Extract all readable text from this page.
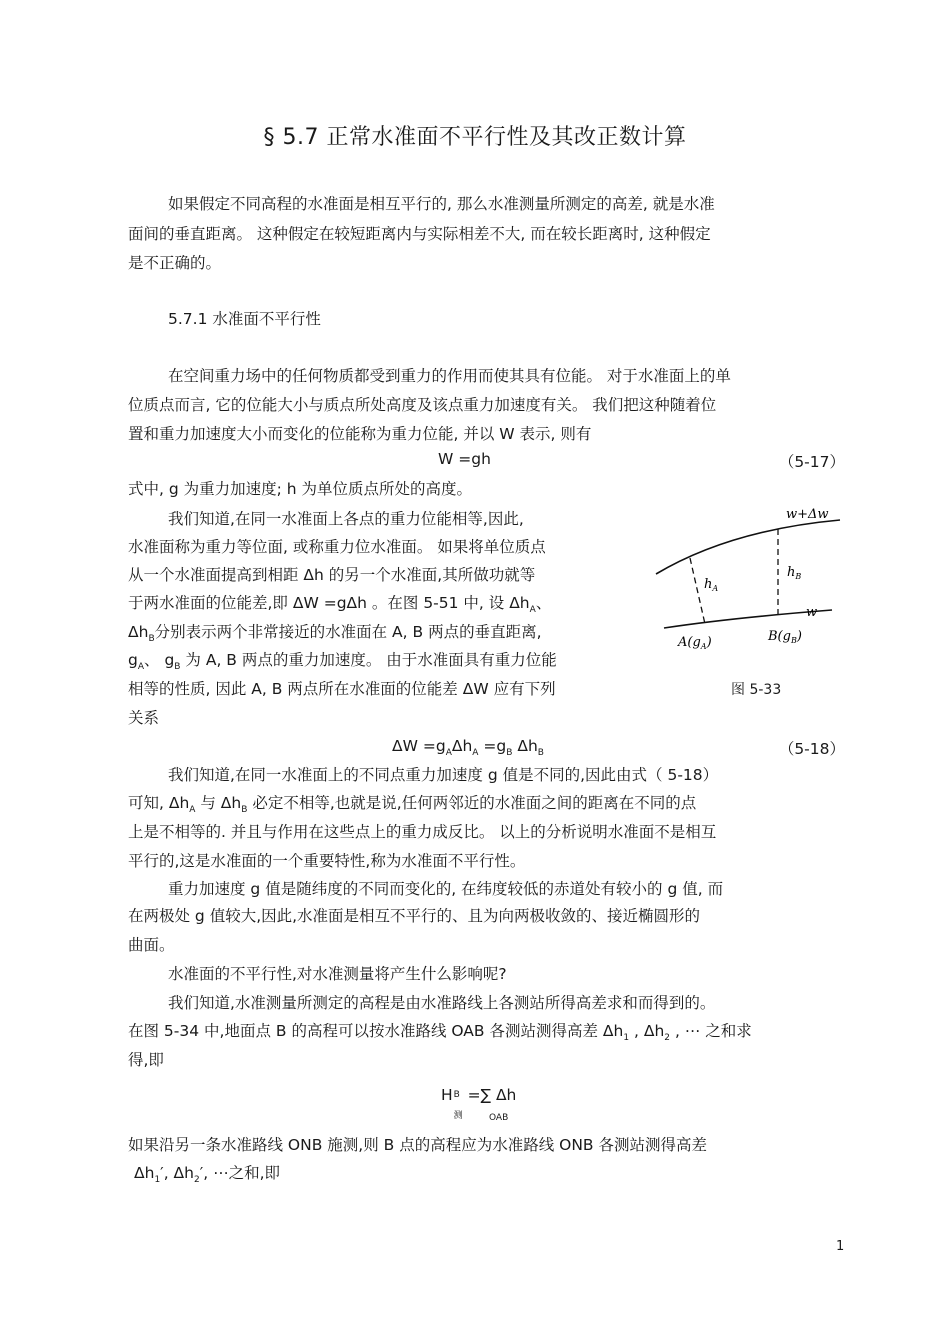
§ 5.7 正常水准面不平行性及其改正数计算
如果假定不同高程的水准面是相互平行的, 那么水准测量所测定的高差, 就是水准
面间的垂直距离。 这种假定在较短距离内与实际相差不大, 而在较长距离时, 这种假定
是不正确的。
5.7.1 水准面不平行性
在空间重力场中的任何物质都受到重力的作用而使其具有位能。 对于水准面上的单
位质点而言, 它的位能大小与质点所处高度及该点重力加速度有关。 我们把这种随着位
置和重力加速度大小而变化的位能称为重力位能, 并以 W 表示, 则有
W =gh	（5-17）
式中, g 为重力加速度; h 为单位质点所处的高度。
我们知道,在同一水准面上各点的重力位能相等,因此,
水准面称为重力等位面, 或称重力位水准面。 如果将单位质点
从一个水准面提高到相距 Δh 的另一个水准面,其所做功就等
于两水准面的位能差,即 ΔW =gΔh 。在图 5-51 中, 设 $\Delta h_A$、
$\Delta h_B$分别表示两个非常接近的水准面在 A, B 两点的垂直距离,
$g_A$、 $g_B$ 为 A, B 两点的重力加速度。 由于水准面具有重力位能
相等的性质, 因此 A, B 两点所在水准面的位能差 ΔW 应有下列
关系
w+Δw
w
$h_A$
$h_B$
$A(g_A)$	$B(g_B)$
图 5-33
$\Delta W =g_A\Delta h_A =g_B$ $\Delta h_B$	（5-18）
我们知道,在同一水准面上的不同点重力加速度 g 值是不同的,因此由式（ 5-18）
可知, $\Delta h_A$ 与 $\Delta h_B$ 必定不相等,也就是说,任何两邻近的水准面之间的距离在不同的点
上是不相等的. 并且与作用在这些点上的重力成反比。 以上的分析说明水准面不是相互
平行的,这是水准面的一个重要特性,称为水准面不平行性。
重力加速度 g 值是随纬度的不同而变化的, 在纬度较低的赤道处有较小的 g 值, 而
在两极处 g 值较大,因此,水准面是相互不平行的、且为向两极收敛的、接近椭圆形的
曲面。
水准面的不平行性,对水准测量将产生什么影响呢?
我们知道,水准测量所测定的高程是由水准路线上各测站所得高差求和而得到的。
在图 5-34 中,地面点 B 的高程可以按水准路线 OAB 各测站测得高差 $\Delta h_1$ , $\Delta h_2$ , ⋯ 之和求
得,即
H B
测
=∑ Δh
OAB
如果沿另一条水准路线 ONB 施测,则 B 点的高程应为水准路线 ONB 各测站测得高差
$\Delta h_1'$, $\Delta h_2'$, ⋯之和,即
1
